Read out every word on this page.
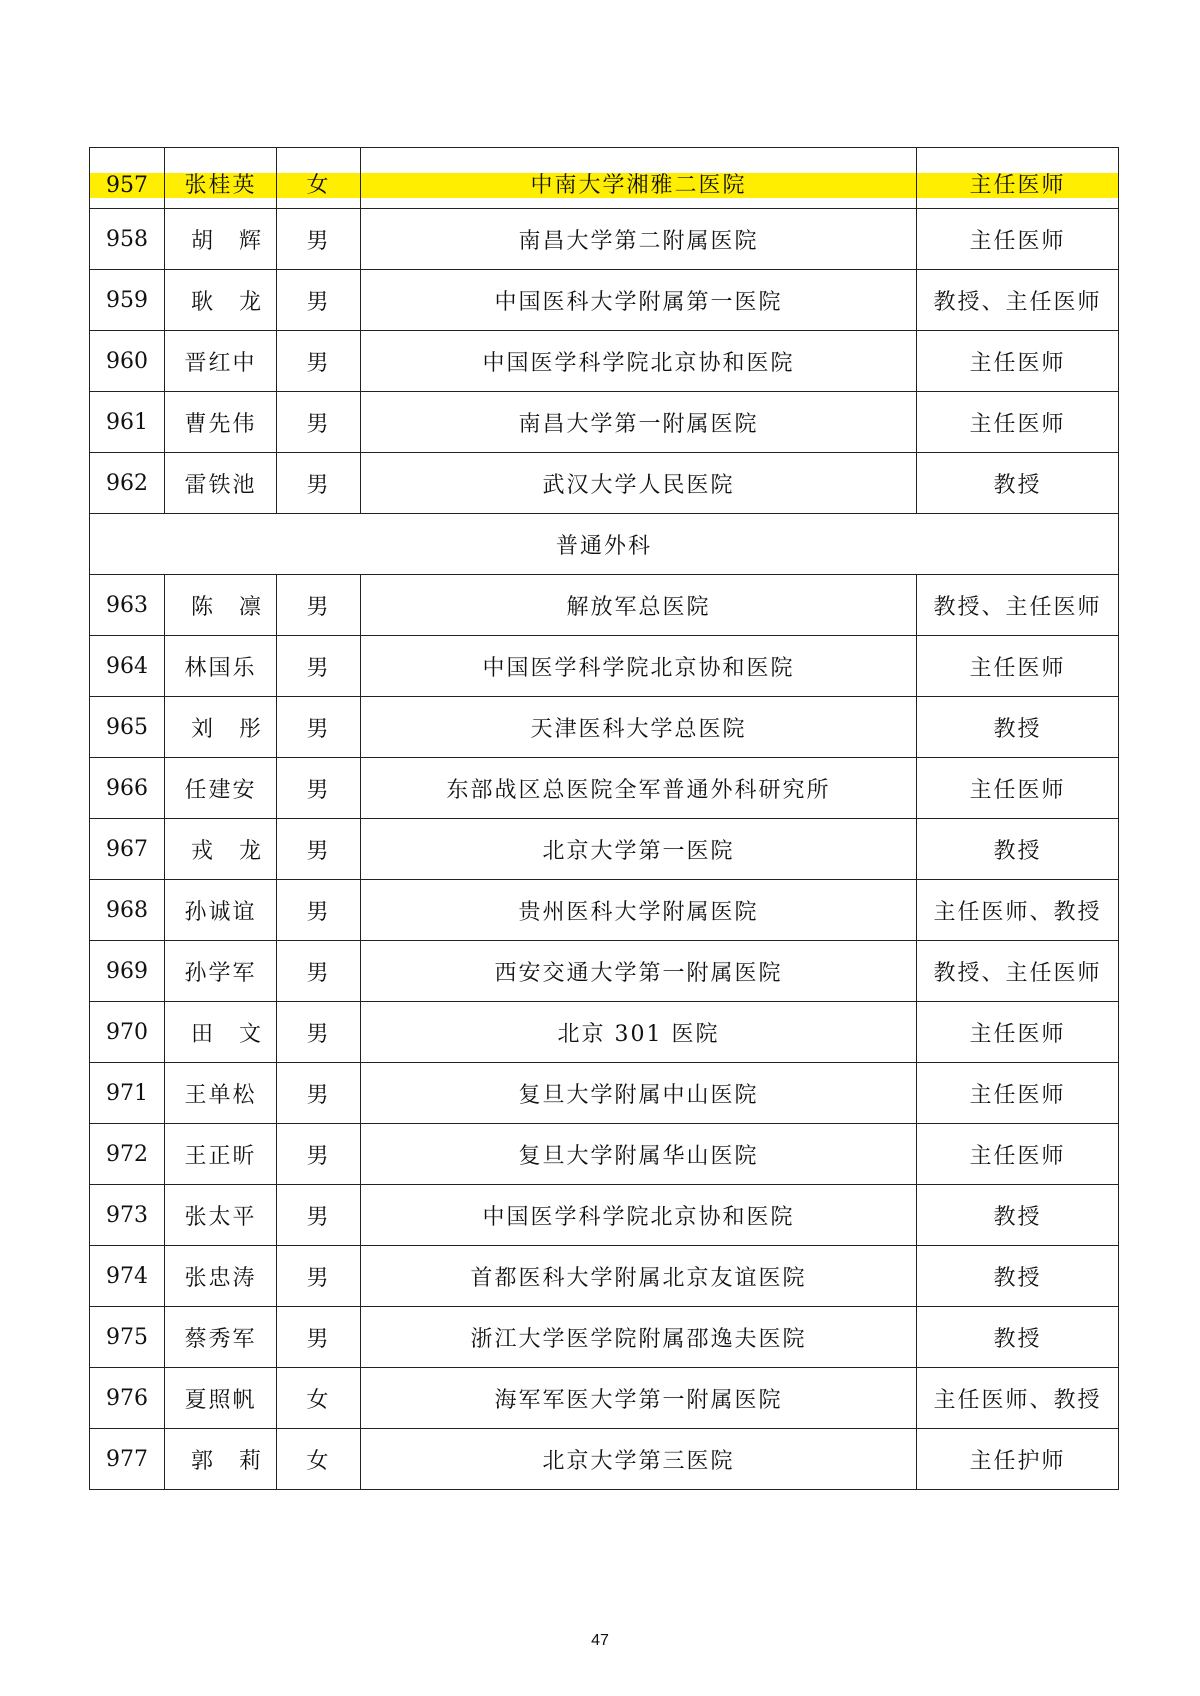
957	张桂英	女	中南大学湘雅二医院	主任医师

958	胡辉	男	南昌大学第二附属医院	主任医师
959	耿龙	男	中国医科大学附属第一医院	教授、主任医师
960	晋红中	男	中国医学科学院北京协和医院	主任医师
961	曹先伟	男	南昌大学第一附属医院	主任医师
962	雷铁池	男	武汉大学人民医院	教授
普通外科				
963	陈凛	男	解放军总医院	教授、主任医师
964	林国乐	男	中国医学科学院北京协和医院	主任医师
965	刘彤	男	天津医科大学总医院	教授
966	任建安	男	东部战区总医院全军普通外科研究所	主任医师
967	戎龙	男	北京大学第一医院	教授
968	孙诚谊	男	贵州医科大学附属医院	主任医师、教授
969	孙学军	男	西安交通大学第一附属医院	教授、主任医师
970	田文	男	北京 301 医院	主任医师
971	王单松	男	复旦大学附属中山医院	主任医师
972	王正昕	男	复旦大学附属华山医院	主任医师
973	张太平	男	中国医学科学院北京协和医院	教授
974	张忠涛	男	首都医科大学附属北京友谊医院	教授
975	蔡秀军	男	浙江大学医学院附属邵逸夫医院	教授
976	夏照帆	女	海军军医大学第一附属医院	主任医师、教授
977	郭莉	女	北京大学第三医院	主任护师
47
